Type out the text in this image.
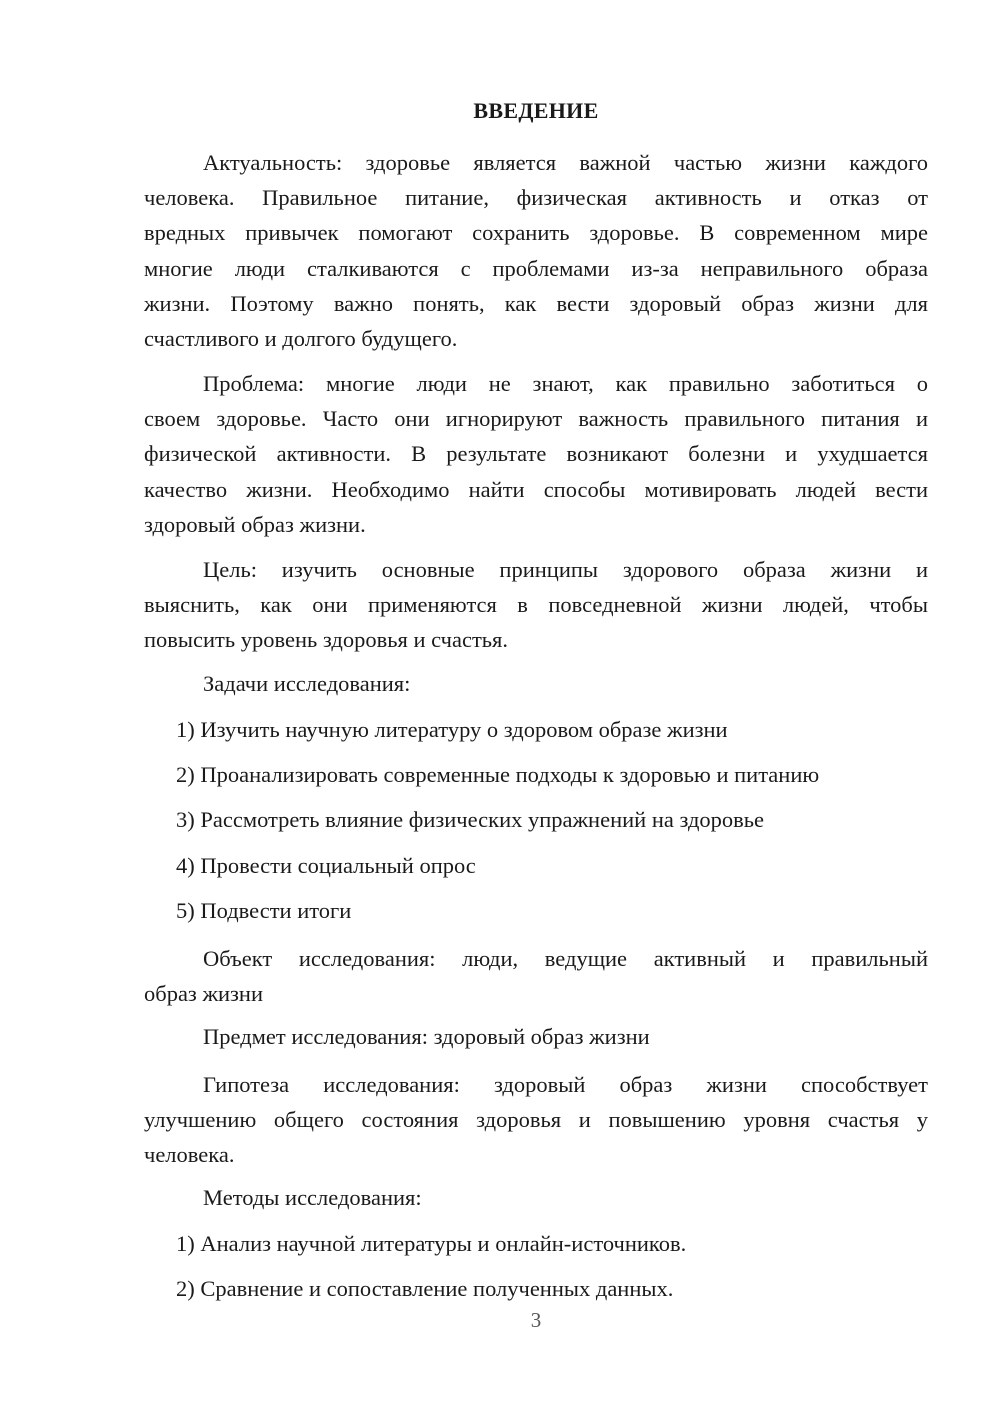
ВВЕДЕНИЕ

Актуальность: здоровье является важной частью жизни каждого
человека. Правильное питание, физическая активность и отказ от
вредных привычек помогают сохранить здоровье. В современном мире
многие люди сталкиваются с проблемами из-за неправильного образа
жизни. Поэтому важно понять, как вести здоровый образ жизни для
счастливого и долгого будущего.

Проблема: многие люди не знают, как правильно заботиться о
своем здоровье. Часто они игнорируют важность правильного питания и
физической активности. В результате возникают болезни и ухудшается
качество жизни. Необходимо найти способы мотивировать людей вести
здоровый образ жизни.

Цель: изучить основные принципы здорового образа жизни и
выяснить, как они применяются в повседневной жизни людей, чтобы
повысить уровень здоровья и счастья.

Задачи исследования:
1) Изучить научную литературу о здоровом образе жизни
2) Проанализировать современные подходы к здоровью и питанию
3) Рассмотреть влияние физических упражнений на здоровье
4) Провести социальный опрос
5) Подвести итоги

Объект исследования: люди, ведущие активный и правильный
образ жизни

Предмет исследования: здоровый образ жизни

Гипотеза исследования: здоровый образ жизни способствует
улучшению общего состояния здоровья и повышению уровня счастья у
человека.

Методы исследования:
1) Анализ научной литературы и онлайн-источников.
2) Сравнение и сопоставление полученных данных.
3
